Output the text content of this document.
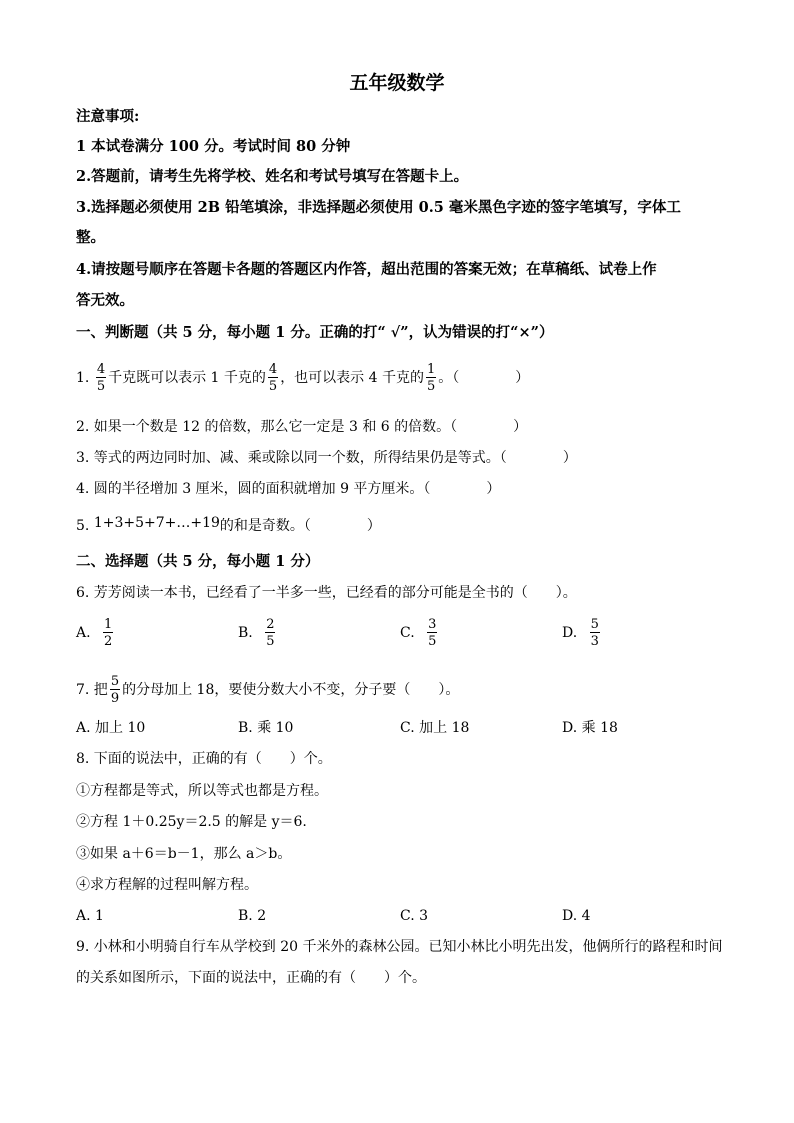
五年级数学
注意事项:
1 本试卷满分 100 分。考试时间 80 分钟
2.答题前，请考生先将学校、姓名和考试号填写在答题卡上。
3.选择题必须使用 2B 铅笔填涂，非选择题必须使用 0.5 毫米黑色字迹的签字笔填写，字体工
整。
4.请按题号顺序在答题卡各题的答题区内作答，超出范围的答案无效；在草稿纸、试卷上作
答无效。
一、判断题（共 5 分，每小题 1 分。正确的打“ √”，认为错误的打“×”）
1. $\frac{4}{5}$ 千克既可以表示 1 千克的 $\frac{4}{5}$ ，也可以表示 4 千克的 $\frac{1}{5}$ 。（	）
2. 如果一个数是 12 的倍数，那么它一定是 3 和 6 的倍数。（	）
3. 等式的两边同时加、减、乘或除以同一个数，所得结果仍是等式。（	）
4. 圆的半径增加 3 厘米，圆的面积就增加 9 平方厘米。（	）
5. 1+3+5+7+…+19的和是奇数。（	）
二、选择题（共 5 分，每小题 1 分）
6. 芳芳阅读一本书，已经看了一半多一些，已经看的部分可能是全书的（　　）。
A. $\frac{1}{2}$	B. $\frac{2}{5}$	C. $\frac{3}{5}$	D. $\frac{5}{3}$
7. 把 $\frac{5}{9}$ 的分母加上 18，要使分数大小不变，分子要（　　）。
A. 加上 10	B. 乘 10	C. 加上 18	D. 乘 18
8. 下面的说法中，正确的有（　　）个。
①方程都是等式，所以等式也都是方程。
②方程 1＋0.25y＝2.5 的解是 y＝6.
③如果 a＋6＝b－1，那么 a＞b。
④求方程解的过程叫解方程。
A. 1	B. 2	C. 3	D. 4
9. 小林和小明骑自行车从学校到 20 千米外的森林公园。已知小林比小明先出发，他俩所行的路程和时间
的关系如图所示，下面的说法中，正确的有（　　）个。
